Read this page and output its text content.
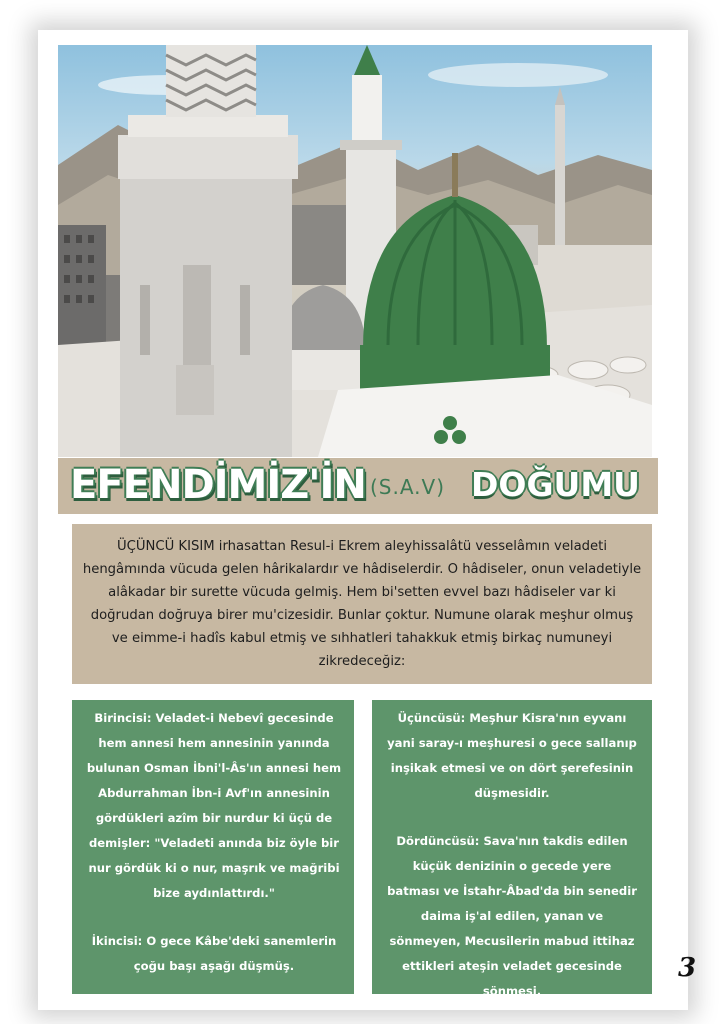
EFENDİMİZ'İN (S.A.V) DOĞUMU
ÜÇÜNCÜ KISIM irhasattan Resul-i Ekrem aleyhissalâtü vesselâmın veladeti hengâmında vücuda gelen hârikalardır ve hâdiselerdir. O hâdiseler, onun veladetiyle alâkadar bir surette vücuda gelmiş. Hem bi'setten evvel bazı hâdiseler var ki doğrudan doğruya birer mu'cizesidir. Bunlar çoktur. Numune olarak meşhur olmuş ve eimme-i hadîs kabul etmiş ve sıhhatleri tahakkuk etmiş birkaç numuneyi zikredeceğiz:
Birincisi: Veladet-i Nebevî gecesinde hem annesi hem annesinin yanında bulunan Osman İbni'l-Âs'ın annesi hem Abdurrahman İbn-i Avf'ın annesinin gördükleri azîm bir nurdur ki üçü de demişler: "Veladeti anında biz öyle bir nur gördük ki o nur, maşrık ve mağribi bize aydınlattırdı."
İkincisi: O gece Kâbe'deki sanemlerin çoğu başı aşağı düşmüş.
Üçüncüsü: Meşhur Kisra'nın eyvanı yani saray-ı meşhuresi o gece sallanıp inşikak etmesi ve on dört şerefesinin düşmesidir.
Dördüncüsü: Sava'nın takdis edilen küçük denizinin o gecede yere batması ve İstahr-Âbad'da bin senedir daima iş'al edilen, yanan ve sönmeyen, Mecusilerin mabud ittihaz ettikleri ateşin veladet gecesinde sönmesi.
3
